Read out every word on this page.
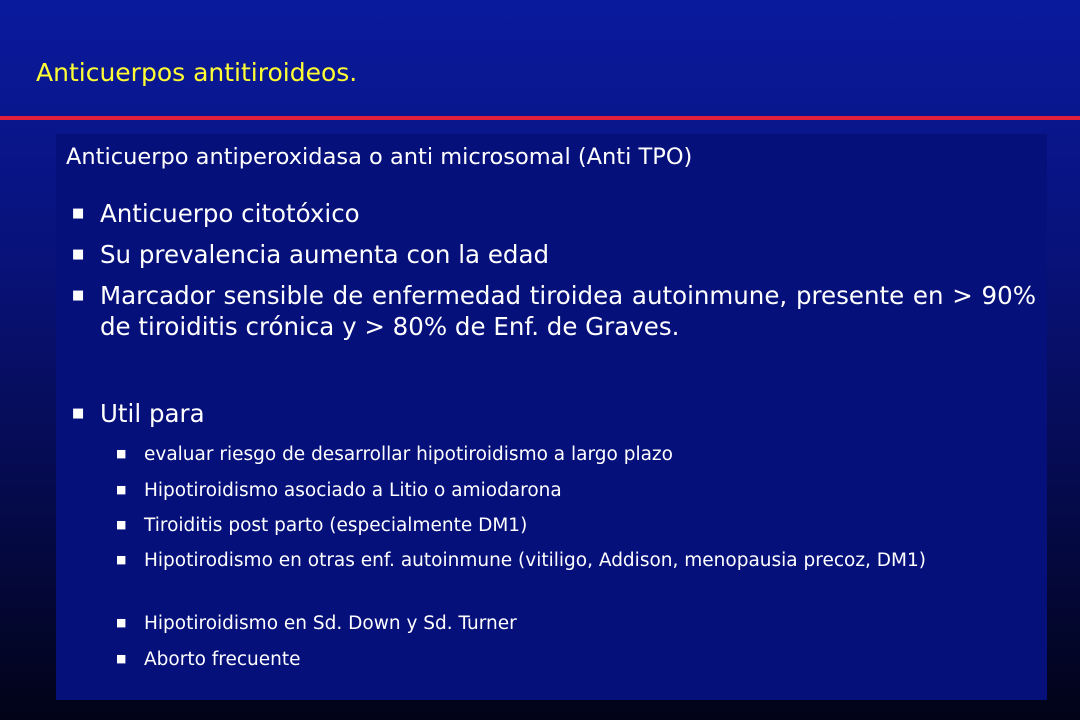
Anticuerpos antitiroideos.
Anticuerpo antiperoxidasa o anti microsomal (Anti TPO)
■ Anticuerpo citotóxico
■ Su prevalencia aumenta con la edad
■ Marcador sensible de enfermedad tiroidea autoinmune, presente en > 90% de tiroiditis crónica y > 80% de Enf. de Graves.
■ Util para
■ evaluar riesgo de desarrollar hipotiroidismo a largo plazo
■ Hipotiroidismo asociado a Litio o amiodarona
■ Tiroiditis post parto (especialmente DM1)
■ Hipotirodismo en otras enf. autoinmune (vitiligo, Addison, menopausia precoz, DM1)
■ Hipotiroidismo en Sd. Down y Sd. Turner
■ Aborto frecuente
